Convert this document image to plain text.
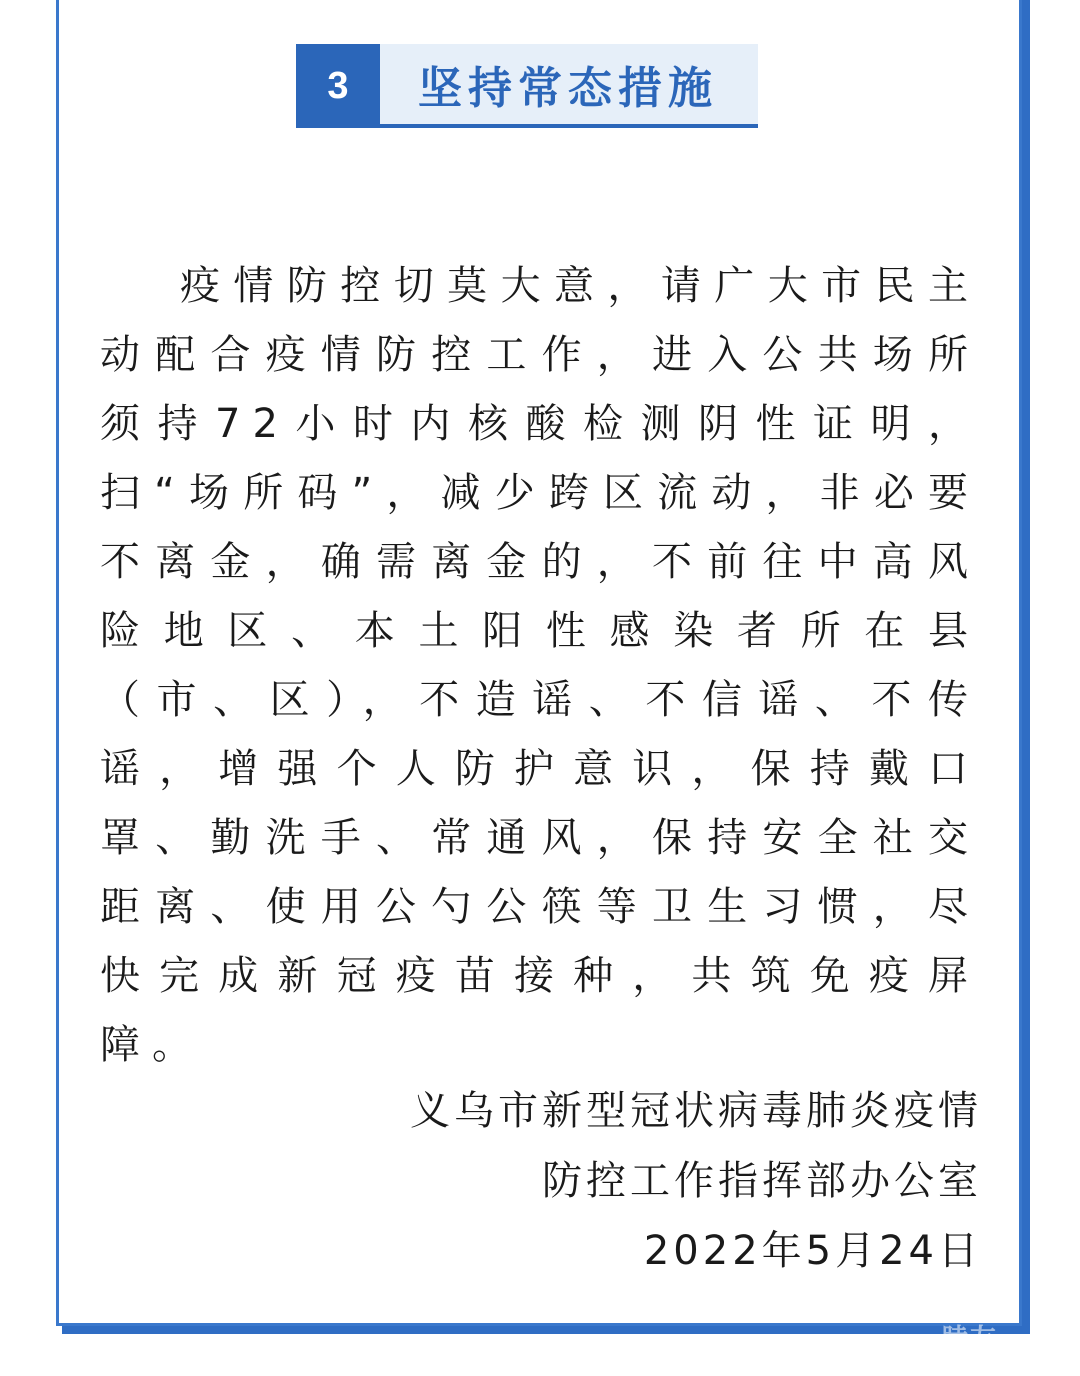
3	坚持常态措施

疫情防控切莫大意，请广大市民主动配合疫情防控工作，进入公共场所须持72小时内核酸检测阴性证明，扫“场所码”，减少跨区流动，非必要不离金，确需离金的，不前往中高风险地区、本土阳性感染者所在县（市、区），不造谣、不信谣、不传谣，增强个人防护意识，保持戴口罩、勤洗手、常通风，保持安全社交距离、使用公勺公筷等卫生习惯，尽快完成新冠疫苗接种，共筑免疫屏障。

义乌市新型冠状病毒肺炎疫情
防控工作指挥部办公室
2022年5月24日
睦友
